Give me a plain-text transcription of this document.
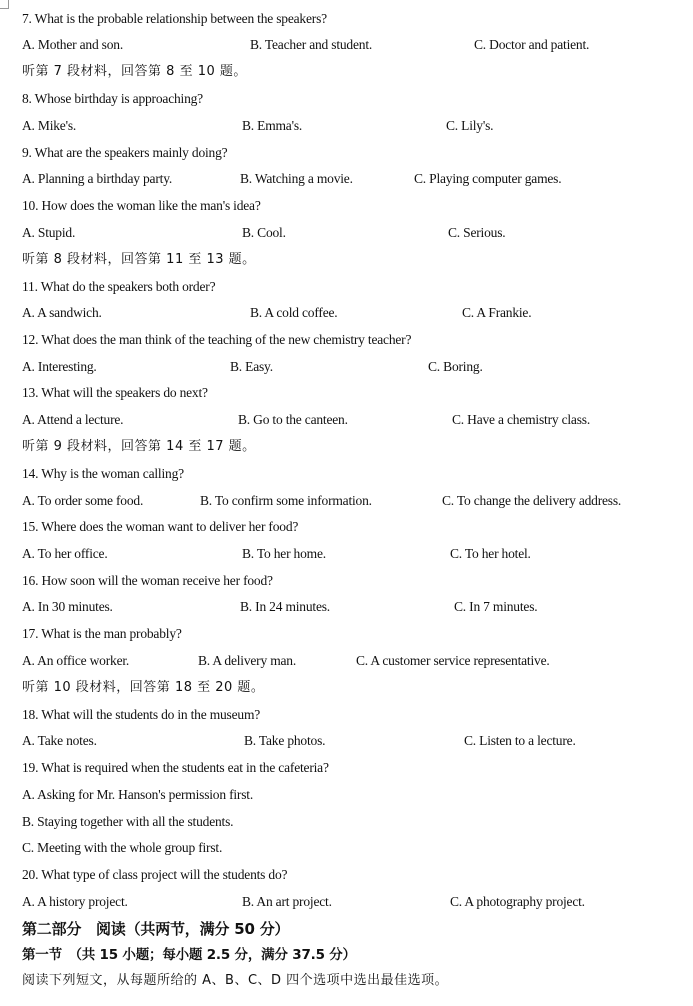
7. What is the probable relationship between the speakers?
A. Mother and son.	B. Teacher and student.	C. Doctor and patient.
听第 7 段材料，回答第 8 至 10 题。
8. Whose birthday is approaching?
A. Mike's.	B. Emma's.	C. Lily's.
9. What are the speakers mainly doing?
A. Planning a birthday party.	B. Watching a movie.	C. Playing computer games.
10. How does the woman like the man's idea?
A. Stupid.	B. Cool.	C. Serious.
听第 8 段材料，回答第 11 至 13 题。
11. What do the speakers both order?
A. A sandwich.	B. A cold coffee.	C. A Frankie.
12. What does the man think of the teaching of the new chemistry teacher?
A. Interesting.	B. Easy.	C. Boring.
13. What will the speakers do next?
A. Attend a lecture.	B. Go to the canteen.	C. Have a chemistry class.
听第 9 段材料，回答第 14 至 17 题。
14. Why is the woman calling?
A. To order some food.	B. To confirm some information.	C. To change the delivery address.
15. Where does the woman want to deliver her food?
A. To her office.	B. To her home.	C. To her hotel.
16. How soon will the woman receive her food?
A. In 30 minutes.	B. In 24 minutes.	C. In 7 minutes.
17. What is the man probably?
A. An office worker.	B. A delivery man.	C. A customer service representative.
听第 10 段材料，回答第 18 至 20 题。
18. What will the students do in the museum?
A. Take notes.	B. Take photos.	C. Listen to a lecture.
19. What is required when the students eat in the cafeteria?
A. Asking for Mr. Hanson's permission first.
B. Staying together with all the students.
C. Meeting with the whole group first.
20. What type of class project will the students do?
A. A history project.	B. An art project.	C. A photography project.
第二部分　阅读（共两节，满分 50 分）
第一节　（共 15 小题；每小题 2.5 分，满分 37.5 分）
阅读下列短文，从每题所给的 A、B、C、D 四个选项中选出最佳选项。
